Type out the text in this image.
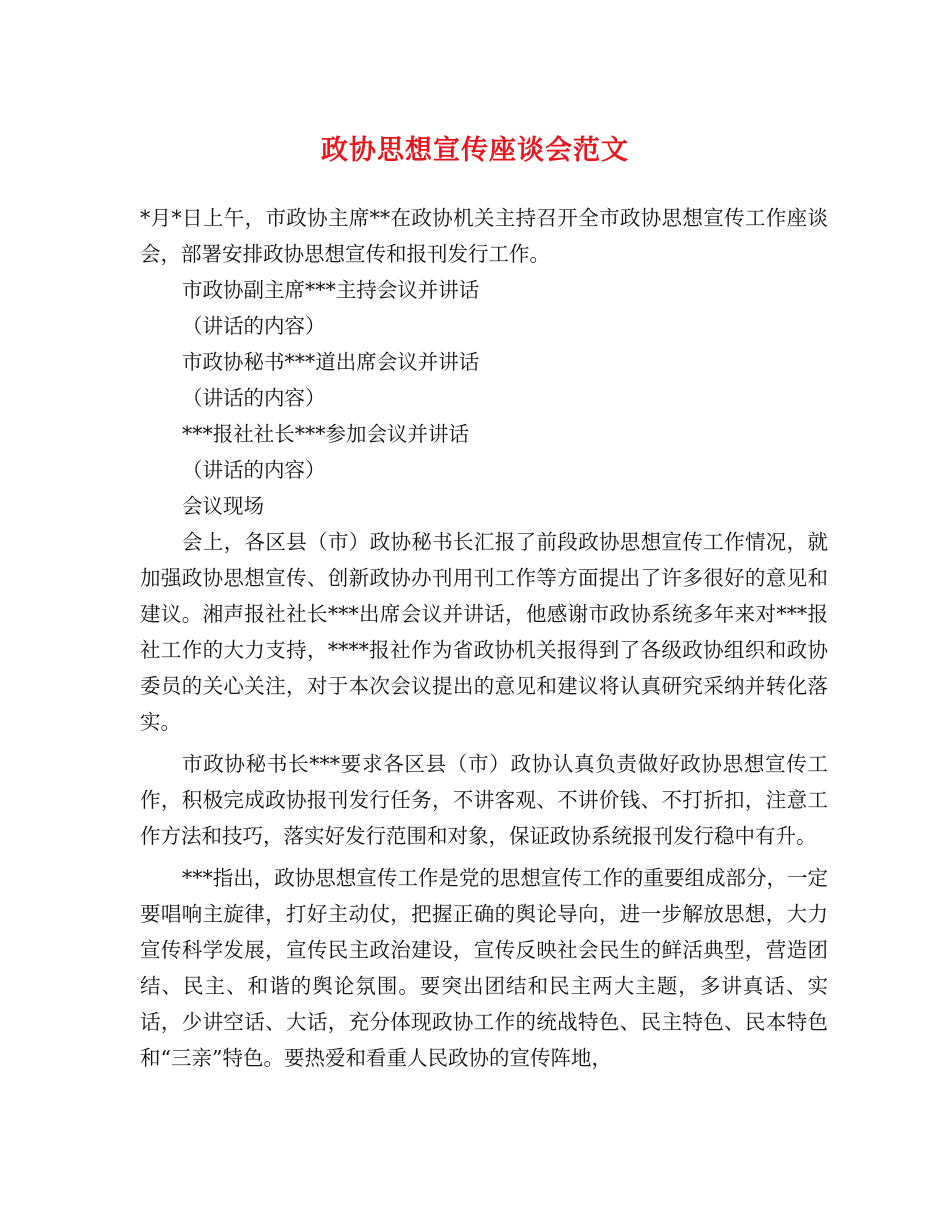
政协思想宣传座谈会范文

*月*日上午，市政协主席**在政协机关主持召开全市政协思想宣传工作座谈会，部署安排政协思想宣传和报刊发行工作。

市政协副主席***主持会议并讲话

（讲话的内容）

市政协秘书***道出席会议并讲话

（讲话的内容）

***报社社长***参加会议并讲话

（讲话的内容）

会议现场

会上，各区县（市）政协秘书长汇报了前段政协思想宣传工作情况，就加强政协思想宣传、创新政协办刊用刊工作等方面提出了许多很好的意见和建议。湘声报社社长***出席会议并讲话，他感谢市政协系统多年来对***报社工作的大力支持，****报社作为省政协机关报得到了各级政协组织和政协委员的关心关注，对于本次会议提出的意见和建议将认真研究采纳并转化落实。

市政协秘书长***要求各区县（市）政协认真负责做好政协思想宣传工作，积极完成政协报刊发行任务，不讲客观、不讲价钱、不打折扣，注意工作方法和技巧，落实好发行范围和对象，保证政协系统报刊发行稳中有升。

***指出，政协思想宣传工作是党的思想宣传工作的重要组成部分，一定要唱响主旋律，打好主动仗，把握正确的舆论导向，进一步解放思想，大力宣传科学发展，宣传民主政治建设，宣传反映社会民生的鲜活典型，营造团结、民主、和谐的舆论氛围。要突出团结和民主两大主题，多讲真话、实话，少讲空话、大话，充分体现政协工作的统战特色、民主特色、民本特色和“三亲”特色。要热爱和看重人民政协的宣传阵地，
